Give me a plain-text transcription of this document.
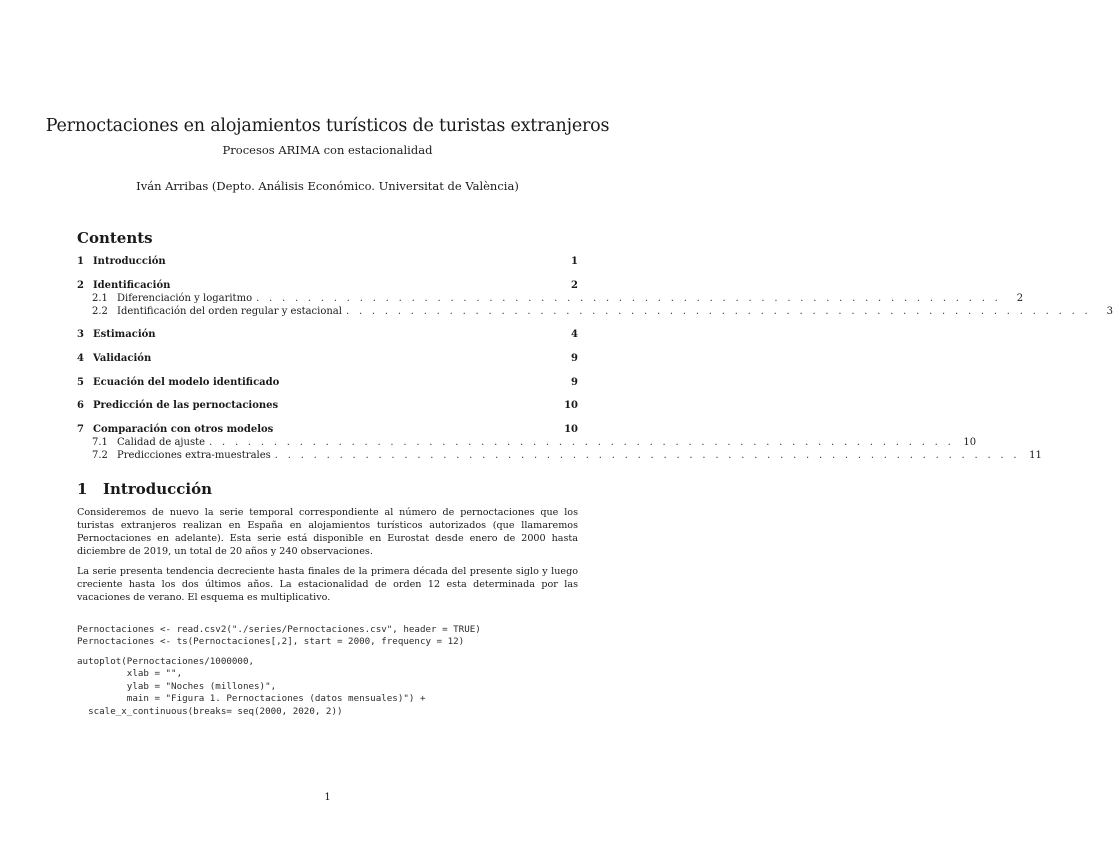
Pernoctaciones en alojamientos turísticos de turistas extranjeros
Procesos ARIMA con estacionalidad
Iván Arribas (Depto. Análisis Económico. Universitat de València)
Contents
1 Introducción	1
2 Identificación	2
2.1 Diferenciación y logaritmo . . . . . . . . . . . . . . . . . . . . . . . . . . . . . . . . . . . . . . . . . . . . . . . . . . . . . . . . . .	2
2.2 Identificación del orden regular y estacional . . . . . . . . . . . . . . . . . . . . . . . . . . . . . . . . . . . . . . . . . . . . . . . . . . . . . . . . . .	3
3 Estimación	4
4 Validación	9
5 Ecuación del modelo identificado	9
6 Predicción de las pernoctaciones	10
7 Comparación con otros modelos	10
7.1 Calidad de ajuste . . . . . . . . . . . . . . . . . . . . . . . . . . . . . . . . . . . . . . . . . . . . . . . . . . . . . . . . . . 10
7.2 Predicciones extra-muestrales . . . . . . . . . . . . . . . . . . . . . . . . . . . . . . . . . . . . . . . . . . . . . . . . . . . . . . . . . . 11
1 Introducción
Consideremos de nuevo la serie temporal correspondiente al número de pernoctaciones que los turistas extranjeros realizan en España en alojamientos turísticos autorizados (que llamaremos Pernoctaciones en adelante). Esta serie está disponible en Eurostat desde enero de 2000 hasta diciembre de 2019, un total de 20 años y 240 observaciones.
La serie presenta tendencia decreciente hasta finales de la primera década del presente siglo y luego creciente hasta los dos últimos años. La estacionalidad de orden 12 esta determinada por las vacaciones de verano. El esquema es multiplicativo.

Pernoctaciones <- read.csv2("./series/Pernoctaciones.csv", header = TRUE)
Pernoctaciones <- ts(Pernoctaciones[,2], start = 2000, frequency = 12)

autoplot(Pernoctaciones/1000000,
xlab = "",
ylab = "Noches (millones)",
main = "Figura 1. Pernoctaciones (datos mensuales)") +
scale_x_continuous(breaks= seq(2000, 2020, 2))

1
